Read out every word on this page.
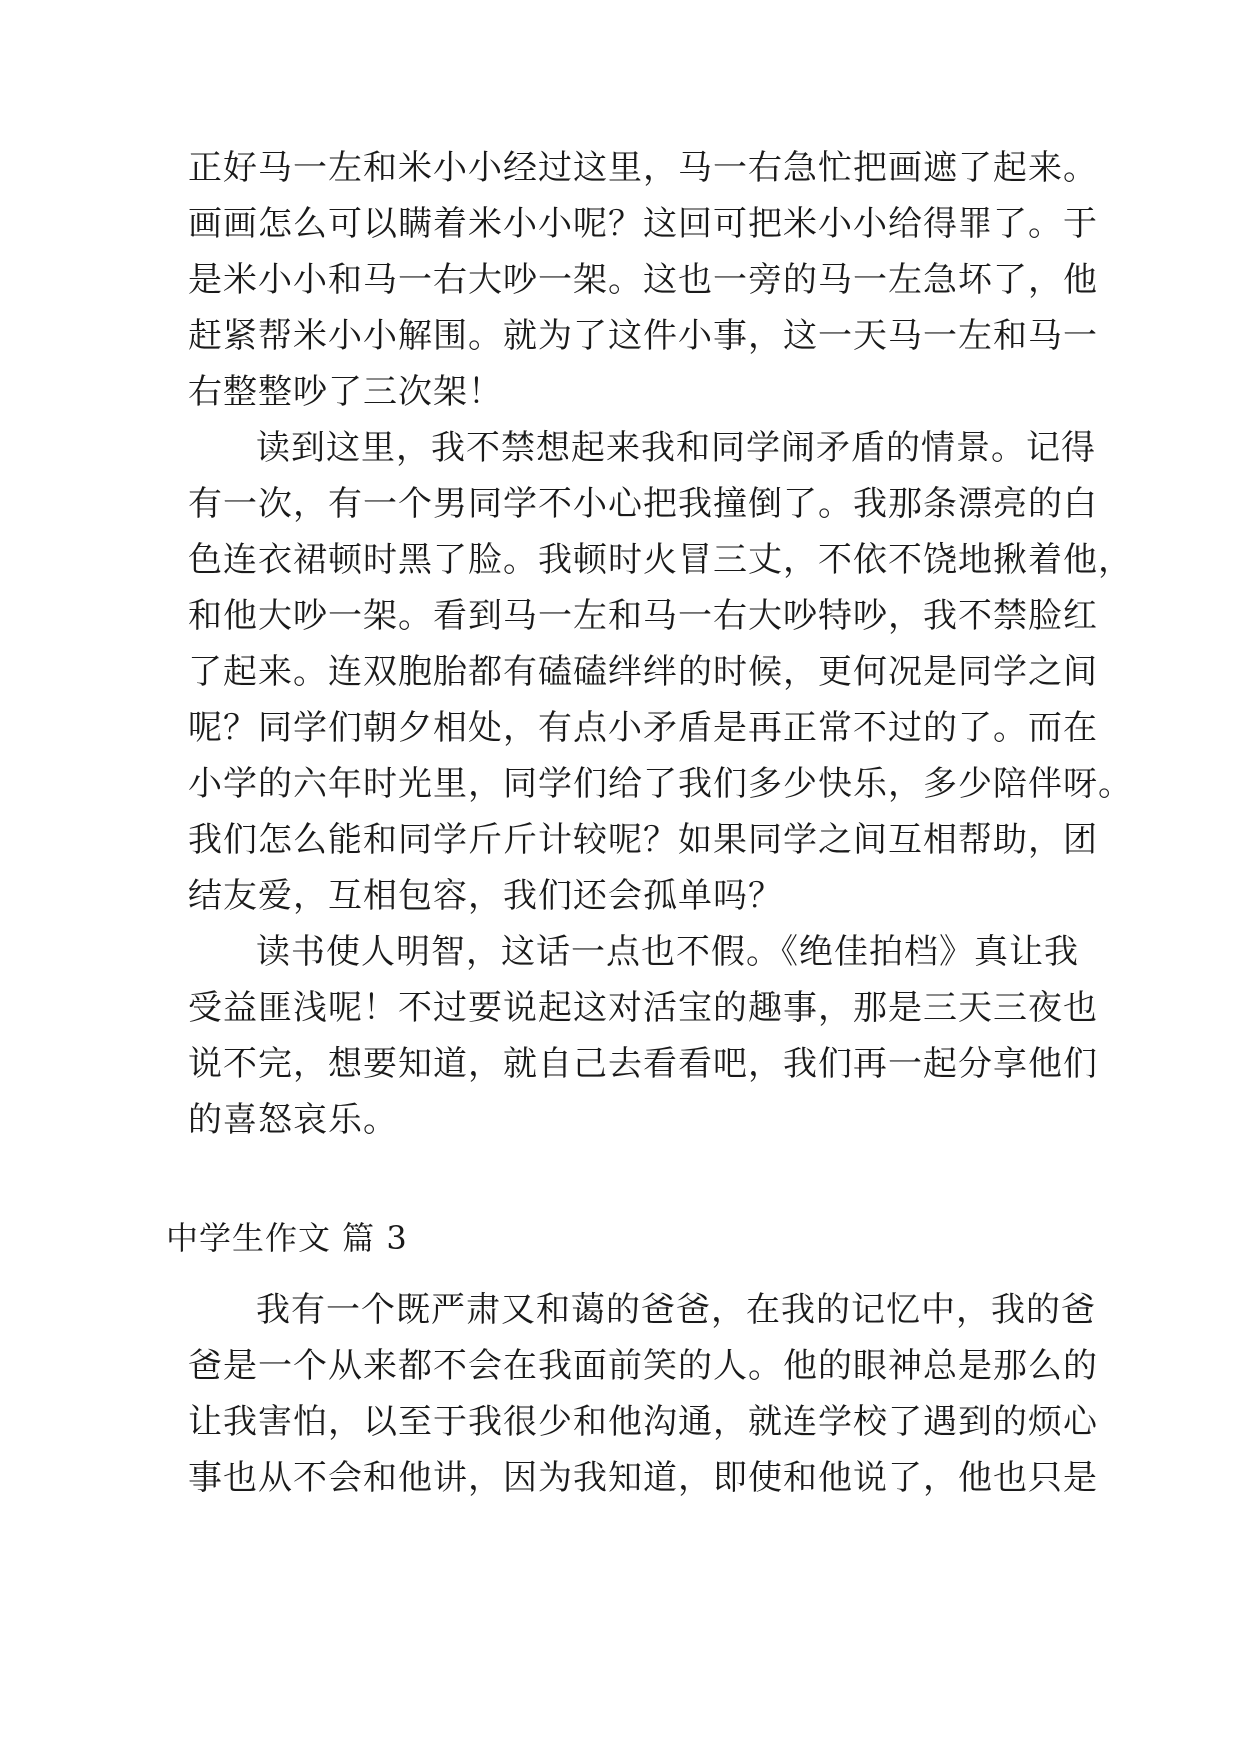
正好马一左和米小小经过这里，马一右急忙把画遮了起来。
画画怎么可以瞒着米小小呢？这回可把米小小给得罪了。于
是米小小和马一右大吵一架。这也一旁的马一左急坏了，他
赶紧帮米小小解围。就为了这件小事，这一天马一左和马一
右整整吵了三次架！
读到这里，我不禁想起来我和同学闹矛盾的情景。记得
有一次，有一个男同学不小心把我撞倒了。我那条漂亮的白
色连衣裙顿时黑了脸。我顿时火冒三丈，不依不饶地揪着他，
和他大吵一架。看到马一左和马一右大吵特吵，我不禁脸红
了起来。连双胞胎都有磕磕绊绊的时候，更何况是同学之间
呢？同学们朝夕相处，有点小矛盾是再正常不过的了。而在
小学的六年时光里，同学们给了我们多少快乐，多少陪伴呀。
我们怎么能和同学斤斤计较呢？如果同学之间互相帮助，团
结友爱，互相包容，我们还会孤单吗？
读书使人明智，这话一点也不假。《绝佳拍档》真让我
受益匪浅呢！不过要说起这对活宝的趣事，那是三天三夜也
说不完，想要知道，就自己去看看吧，我们再一起分享他们
的喜怒哀乐。
中学生作文 篇 3
我有一个既严肃又和蔼的爸爸，在我的记忆中，我的爸
爸是一个从来都不会在我面前笑的人。他的眼神总是那么的
让我害怕，以至于我很少和他沟通，就连学校了遇到的烦心
事也从不会和他讲，因为我知道，即使和他说了，他也只是
